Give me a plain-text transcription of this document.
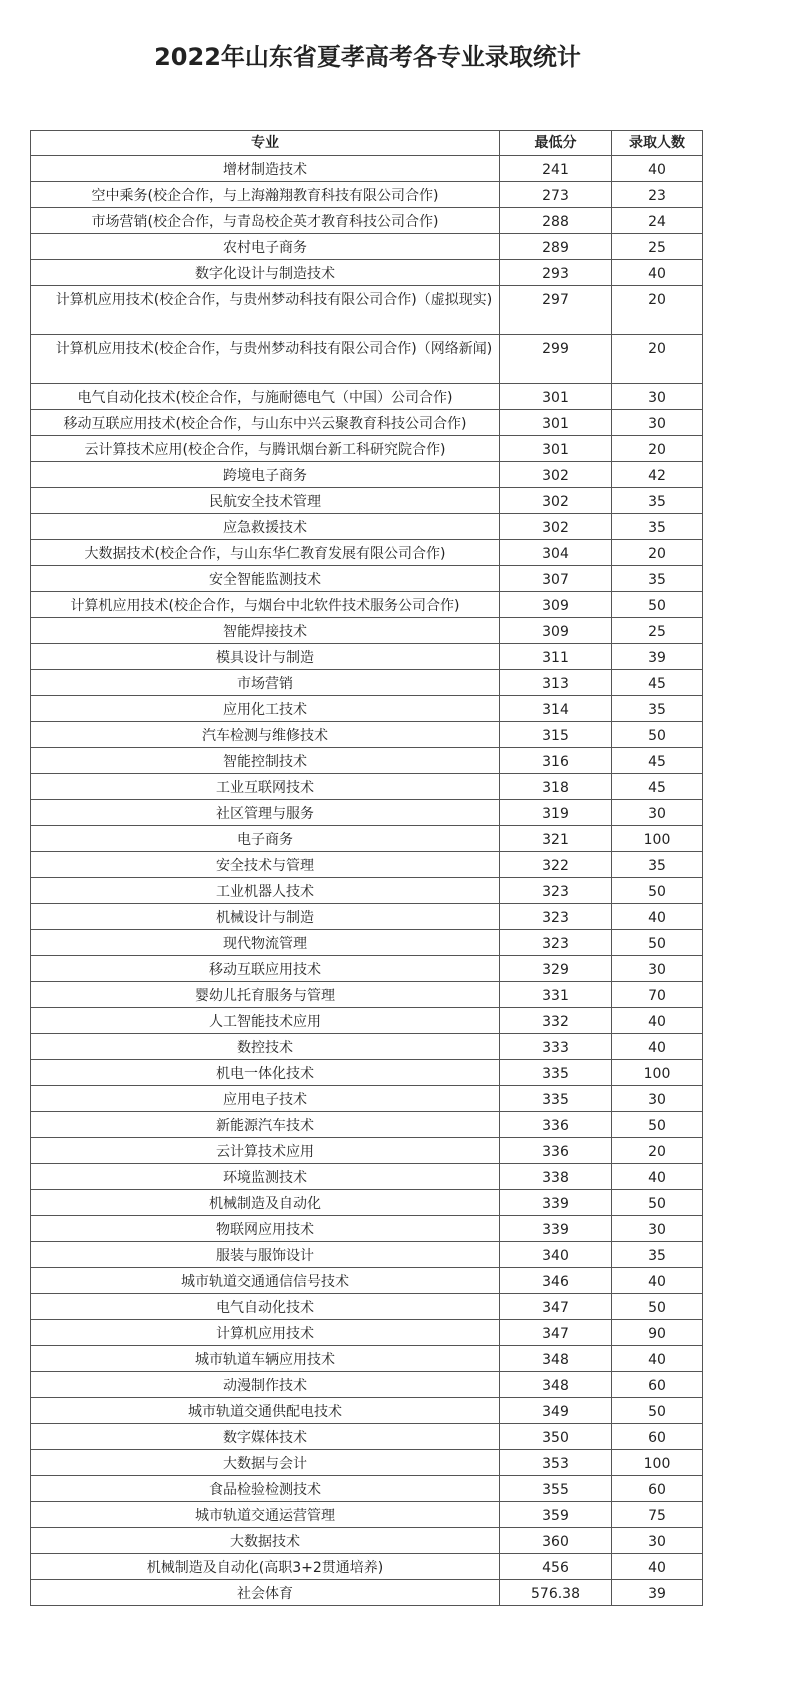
2022年山东省夏孝高考各专业录取统计
专业	最低分	录取人数
增材制造技术	241	40
空中乘务(校企合作，与上海瀚翔教育科技有限公司合作)	273	23
市场营销(校企合作，与青岛校企英才教育科技公司合作)	288	24
农村电子商务	289	25
数字化设计与制造技术	293	40
计算机应用技术(校企合作，与贵州梦动科技有限公司合作)（虚拟现实)	297	20
计算机应用技术(校企合作，与贵州梦动科技有限公司合作)（网络新闻)	299	20
电气自动化技术(校企合作，与施耐德电气（中国）公司合作)	301	30
移动互联应用技术(校企合作，与山东中兴云聚教育科技公司合作)	301	30
云计算技术应用(校企合作，与腾讯烟台新工科研究院合作)	301	20
跨境电子商务	302	42
民航安全技术管理	302	35
应急救援技术	302	35
大数据技术(校企合作，与山东华仁教育发展有限公司合作)	304	20
安全智能监测技术	307	35
计算机应用技术(校企合作，与烟台中北软件技术服务公司合作)	309	50
智能焊接技术	309	25
模具设计与制造	311	39
市场营销	313	45
应用化工技术	314	35
汽车检测与维修技术	315	50
智能控制技术	316	45
工业互联网技术	318	45
社区管理与服务	319	30
电子商务	321	100
安全技术与管理	322	35
工业机器人技术	323	50
机械设计与制造	323	40
现代物流管理	323	50
移动互联应用技术	329	30
婴幼儿托育服务与管理	331	70
人工智能技术应用	332	40
数控技术	333	40
机电一体化技术	335	100
应用电子技术	335	30
新能源汽车技术	336	50
云计算技术应用	336	20
环境监测技术	338	40
机械制造及自动化	339	50
物联网应用技术	339	30
服装与服饰设计	340	35
城市轨道交通通信信号技术	346	40
电气自动化技术	347	50
计算机应用技术	347	90
城市轨道车辆应用技术	348	40
动漫制作技术	348	60
城市轨道交通供配电技术	349	50
数字媒体技术	350	60
大数据与会计	353	100
食品检验检测技术	355	60
城市轨道交通运营管理	359	75
大数据技术	360	30
机械制造及自动化(高职3+2贯通培养)	456	40
社会体育	576.38	39
